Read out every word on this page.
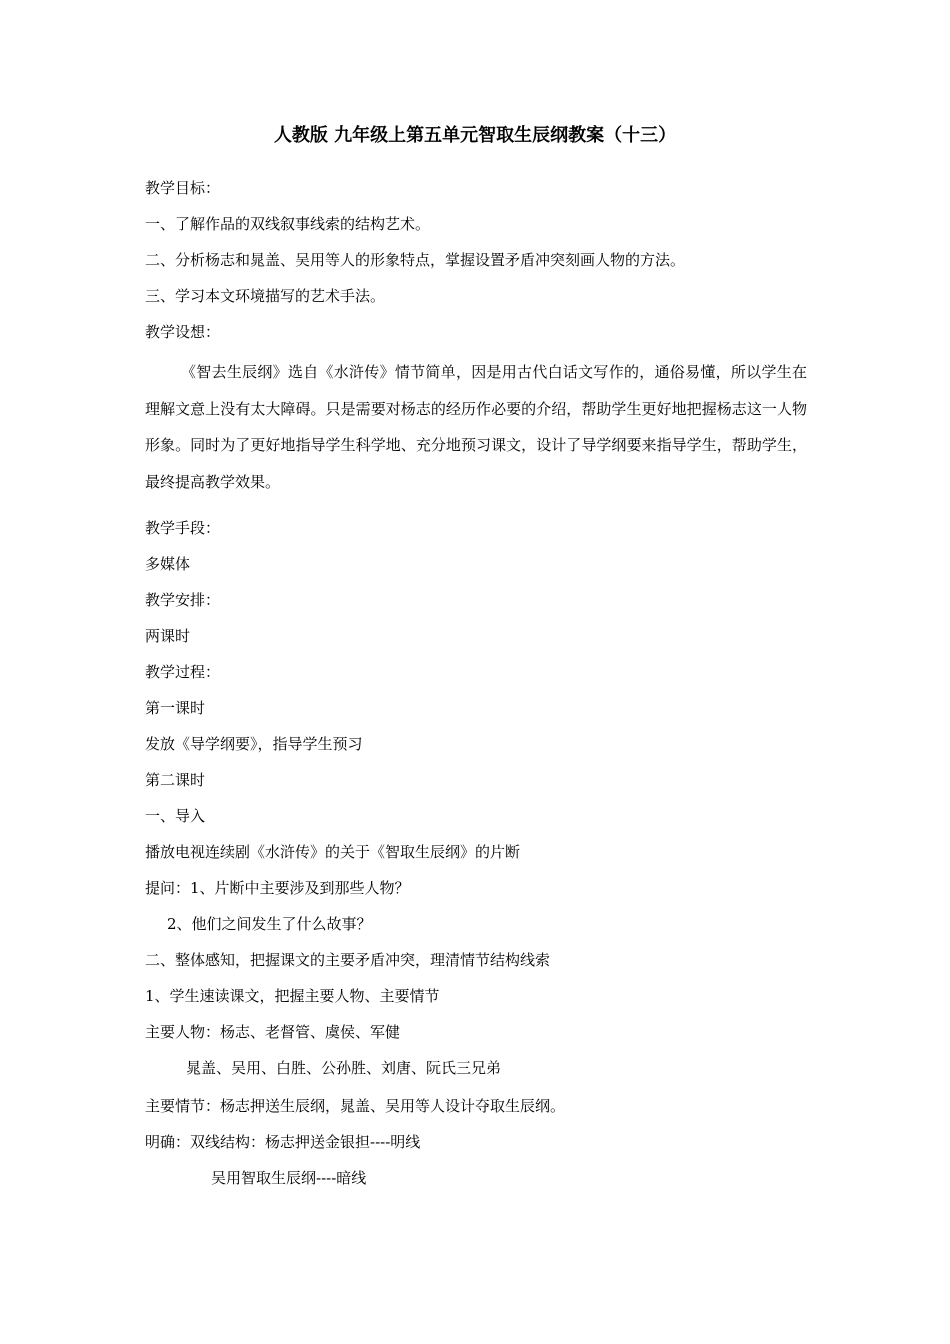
人教版 九年级上第五单元智取生辰纲教案（十三）
教学目标：
一、了解作品的双线叙事线索的结构艺术。
二、分析杨志和晁盖、吴用等人的形象特点，掌握设置矛盾冲突刻画人物的方法。
三、学习本文环境描写的艺术手法。
教学设想：
《智去生辰纲》选自《水浒传》情节简单，因是用古代白话文写作的，通俗易懂，所以学生在理解文意上没有太大障碍。只是需要对杨志的经历作必要的介绍，帮助学生更好地把握杨志这一人物形象。同时为了更好地指导学生科学地、充分地预习课文，设计了导学纲要来指导学生，帮助学生，最终提高教学效果。
教学手段：
多媒体
教学安排：
两课时
教学过程：
第一课时
发放《导学纲要》，指导学生预习
第二课时
一、导入
播放电视连续剧《水浒传》的关于《智取生辰纲》的片断
提问：1、片断中主要涉及到那些人物？
2、他们之间发生了什么故事？
二、整体感知，把握课文的主要矛盾冲突，理清情节结构线索
1、学生速读课文，把握主要人物、主要情节
主要人物：杨志、老督管、虞侯、军健
晁盖、吴用、白胜、公孙胜、刘唐、阮氏三兄弟
主要情节：杨志押送生辰纲，晁盖、吴用等人设计夺取生辰纲。
明确：双线结构：杨志押送金银担----明线
吴用智取生辰纲----暗线
